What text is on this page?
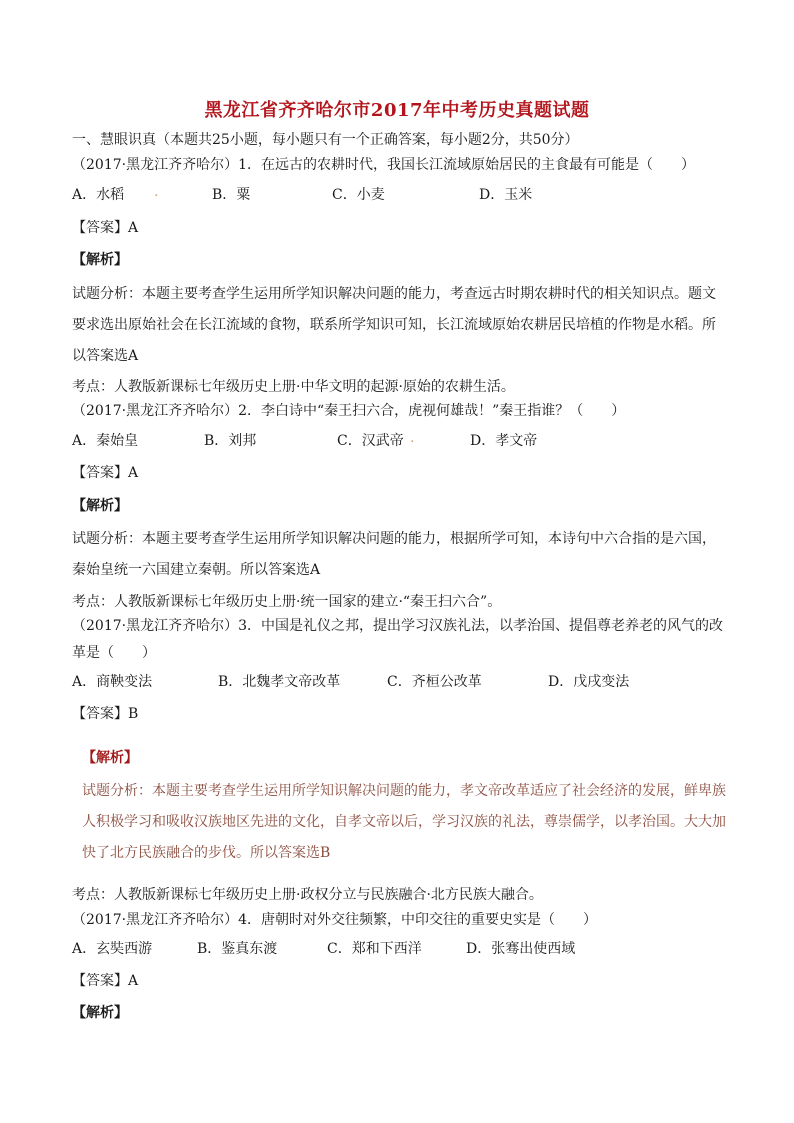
黑龙江省齐齐哈尔市2017年中考历史真题试题
一、慧眼识真（本题共25小题，每小题只有一个正确答案，每小题2分，共50分）
（2017·黑龙江齐齐哈尔）1．在远古的农耕时代，我国长江流域原始居民的主食最有可能是（　　）
A．水稻 .	B．粟	C．小麦	D．玉米
【答案】A
【解析】
试题分析：本题主要考查学生运用所学知识解决问题的能力，考查远古时期农耕时代的相关知识点。题文
要求选出原始社会在长江流域的食物，联系所学知识可知，长江流域原始农耕居民培植的作物是水稻。所
以答案选A
考点：人教版新课标七年级历史上册·中华文明的起源·原始的农耕生活。
（2017·黑龙江齐齐哈尔）2．李白诗中“秦王扫六合，虎视何雄哉！”秦王指谁？（　　）
A．秦始皇	B．刘邦	C．汉武帝 .	D．孝文帝
【答案】A
【解析】
试题分析：本题主要考查学生运用所学知识解决问题的能力，根据所学可知，本诗句中六合指的是六国，
秦始皇统一六国建立秦朝。所以答案选A
考点：人教版新课标七年级历史上册·统一国家的建立·“秦王扫六合”。
（2017·黑龙江齐齐哈尔）3．中国是礼仪之邦，提出学习汉族礼法，以孝治国、提倡尊老养老的风气的改
革是（　　）
A．商鞅变法	B．北魏孝文帝改革	C．齐桓公改革	D．戊戌变法
【答案】B
【解析】
试题分析：本题主要考查学生运用所学知识解决问题的能力，孝文帝改革适应了社会经济的发展，鲜卑族
人积极学习和吸收汉族地区先进的文化，自孝文帝以后，学习汉族的礼法，尊崇儒学，以孝治国。大大加
快了北方民族融合的步伐。所以答案选B
考点：人教版新课标七年级历史上册·政权分立与民族融合·北方民族大融合。
（2017·黑龙江齐齐哈尔）4．唐朝时对外交往频繁，中印交往的重要史实是（　　）
A．玄奘西游	B．鉴真东渡	C．郑和下西洋	D．张骞出使西域
【答案】A
【解析】
